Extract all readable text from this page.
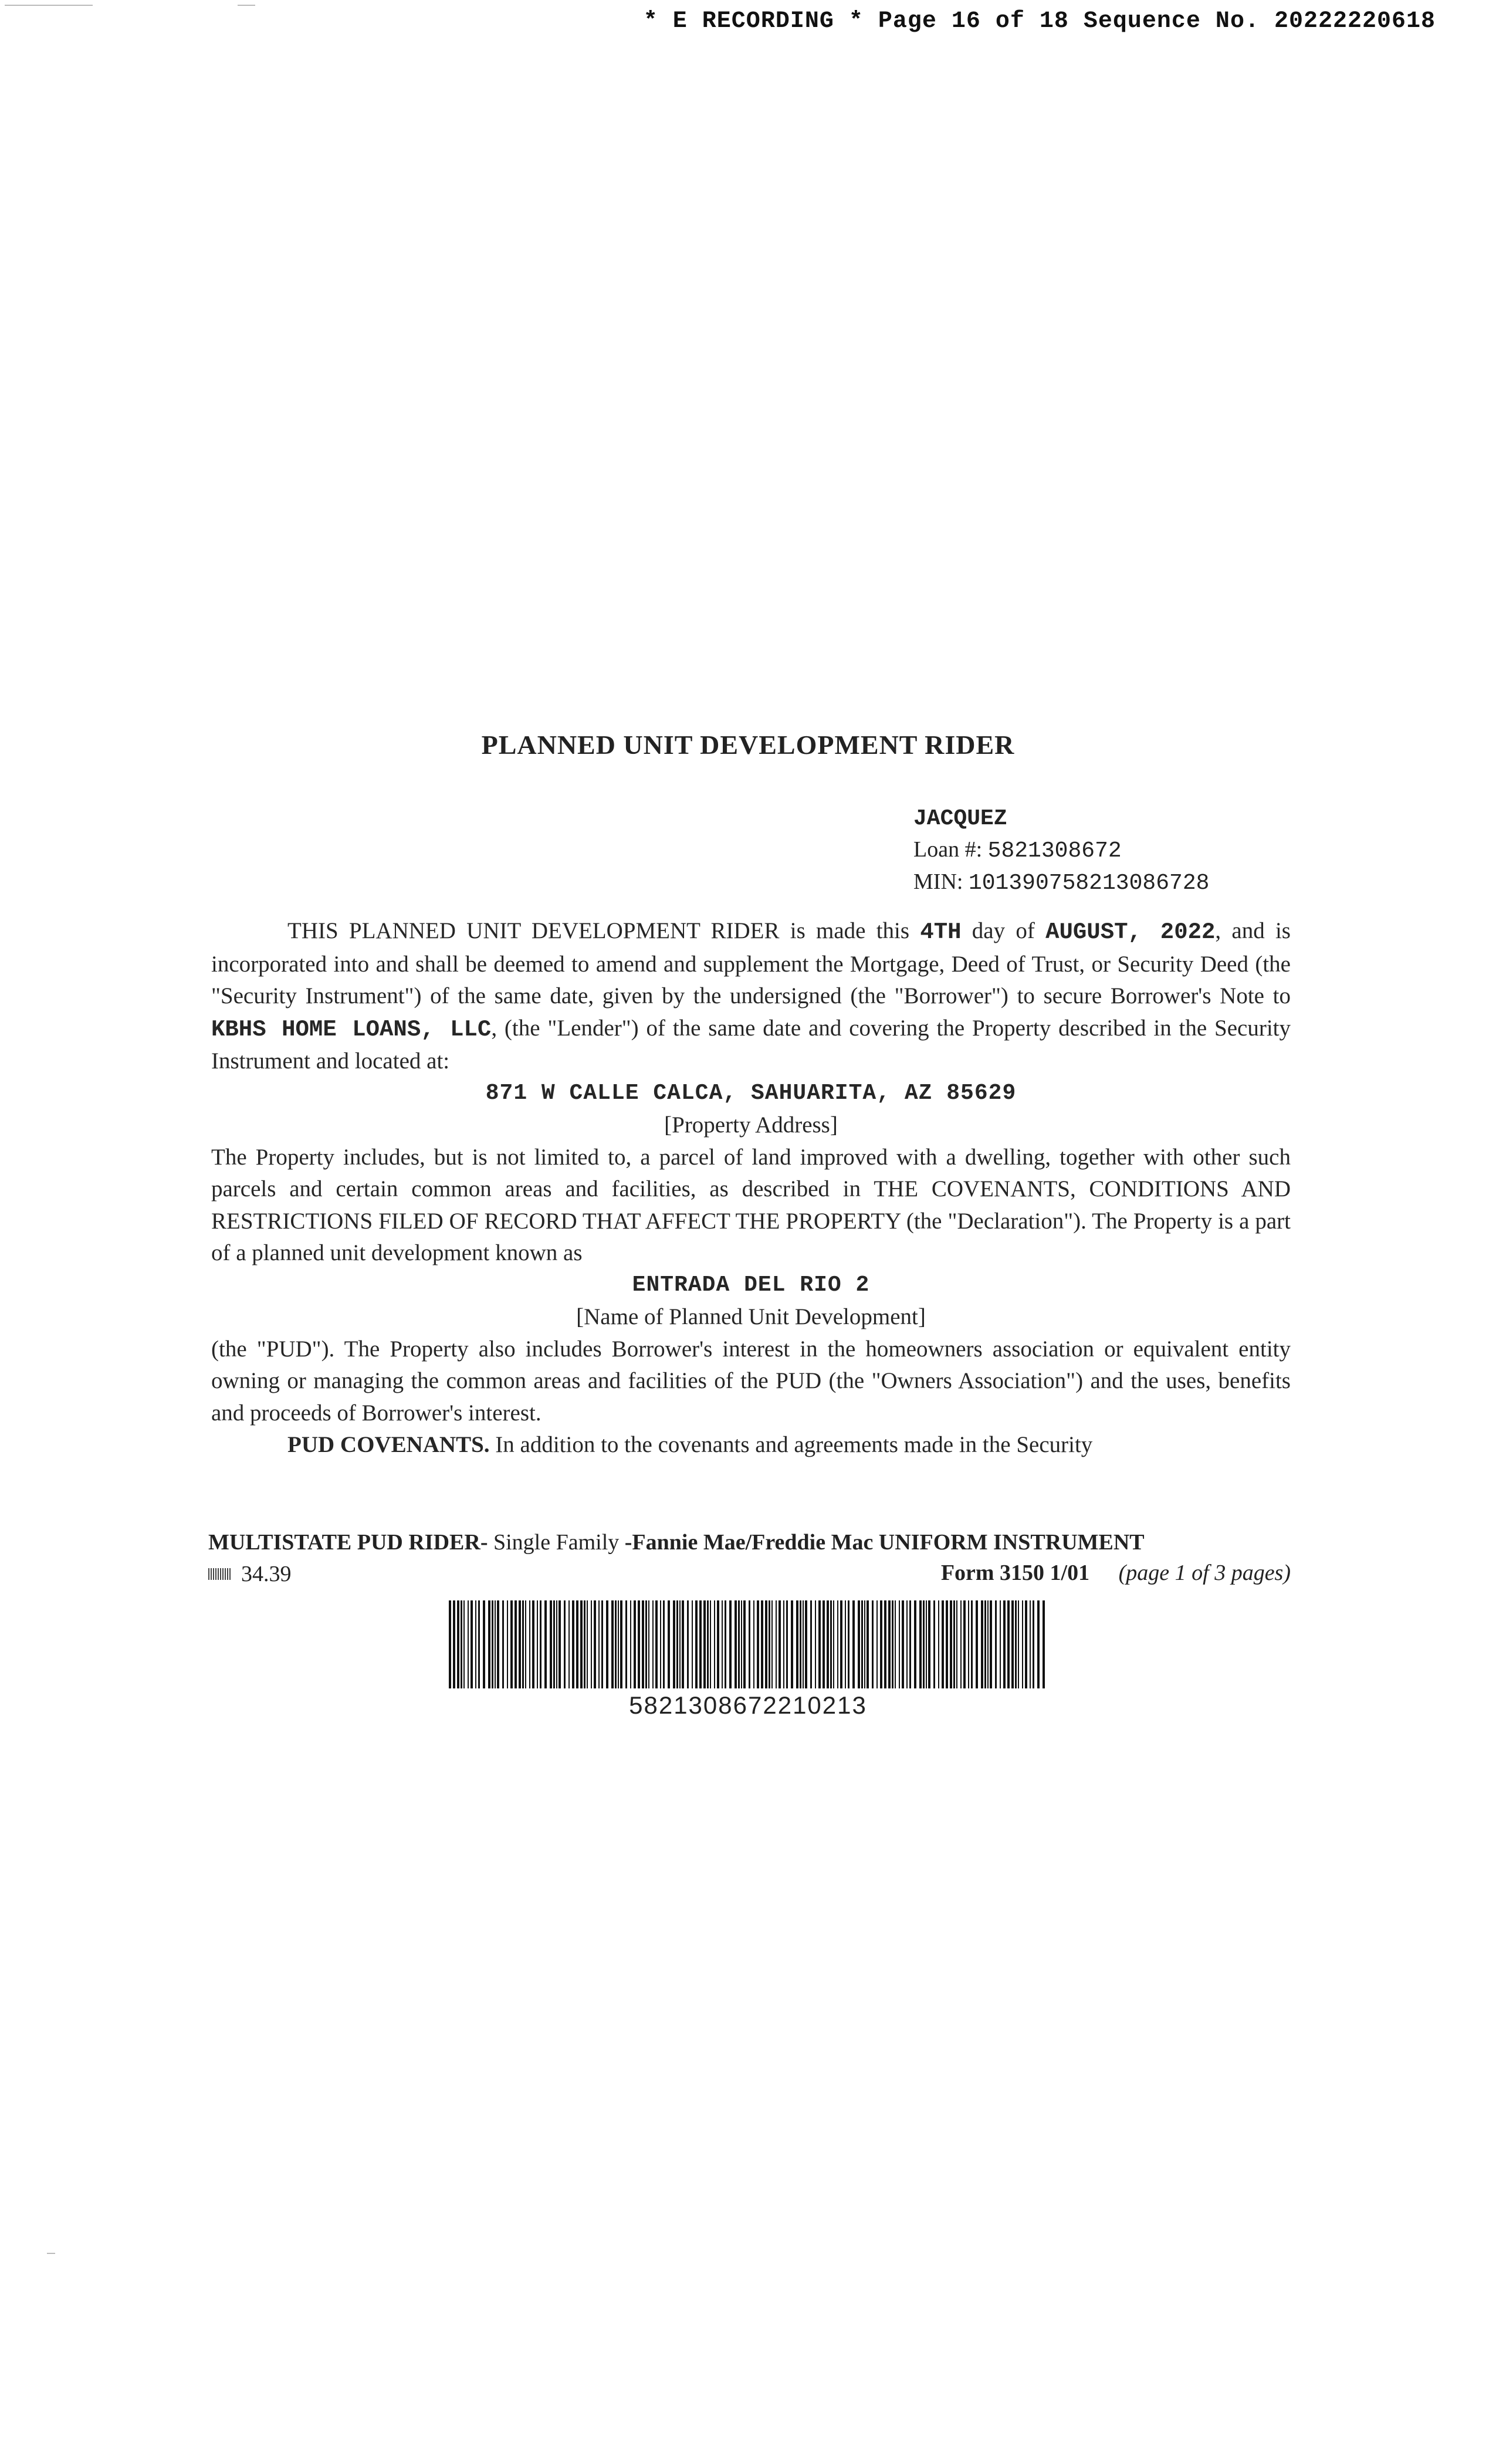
* E RECORDING * Page 16 of 18 Sequence No. 20222220618
PLANNED UNIT DEVELOPMENT RIDER
JACQUEZ
Loan #: 5821308672
MIN: 101390758213086728

THIS PLANNED UNIT DEVELOPMENT RIDER is made this 4TH day of AUGUST, 2022, and is incorporated into and shall be deemed to amend and supplement the Mortgage, Deed of Trust, or Security Deed (the "Security Instrument") of the same date, given by the undersigned (the "Borrower") to secure Borrower's Note to KBHS HOME LOANS, LLC, (the "Lender") of the same date and covering the Property described in the Security Instrument and located at:

871 W CALLE CALCA, SAHUARITA, AZ 85629

[Property Address]

The Property includes, but is not limited to, a parcel of land improved with a dwelling, together with other such parcels and certain common areas and facilities, as described in THE COVENANTS, CONDITIONS AND RESTRICTIONS FILED OF RECORD THAT AFFECT THE PROPERTY (the "Declaration"). The Property is a part of a planned unit development known as

ENTRADA DEL RIO 2

[Name of Planned Unit Development]

(the "PUD"). The Property also includes Borrower's interest in the homeowners association or equivalent entity owning or managing the common areas and facilities of the PUD (the "Owners Association") and the uses, benefits and proceeds of Borrower's interest.

PUD COVENANTS. In addition to the covenants and agreements made in the Security

MULTISTATE PUD RIDER- Single Family -Fannie Mae/Freddie Mac UNIFORM INSTRUMENT
34.39	Form 3150 1/01 (page 1 of 3 pages)
5821308672210213
